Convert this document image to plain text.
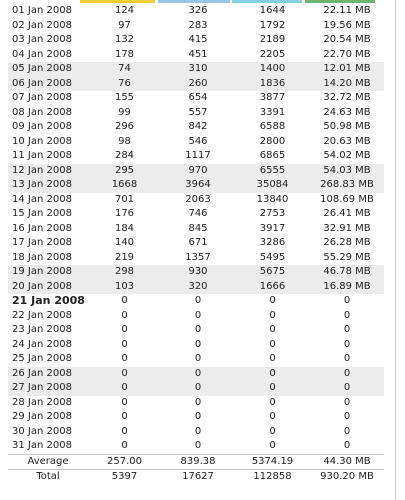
01 Jan 2008	124	326	1644	22.11 MB
02 Jan 2008	97	283	1792	19.56 MB
03 Jan 2008	132	415	2189	20.54 MB
04 Jan 2008	178	451	2205	22.70 MB
05 Jan 2008	74	310	1400	12.01 MB
06 Jan 2008	76	260	1836	14.20 MB
07 Jan 2008	155	654	3877	32.72 MB
08 Jan 2008	99	557	3391	24.63 MB
09 Jan 2008	296	842	6588	50.98 MB
10 Jan 2008	98	546	2800	20.63 MB
11 Jan 2008	284	1117	6865	54.02 MB
12 Jan 2008	295	970	6555	54.03 MB
13 Jan 2008	1668	3964	35084	268.83 MB
14 Jan 2008	701	2063	13840	108.69 MB
15 Jan 2008	176	746	2753	26.41 MB
16 Jan 2008	184	845	3917	32.91 MB
17 Jan 2008	140	671	3286	26.28 MB
18 Jan 2008	219	1357	5495	55.29 MB
19 Jan 2008	298	930	5675	46.78 MB
20 Jan 2008	103	320	1666	16.89 MB
21 Jan 2008	0	0	0	0
22 Jan 2008	0	0	0	0
23 Jan 2008	0	0	0	0
24 Jan 2008	0	0	0	0
25 Jan 2008	0	0	0	0
26 Jan 2008	0	0	0	0
27 Jan 2008	0	0	0	0
28 Jan 2008	0	0	0	0
29 Jan 2008	0	0	0	0
30 Jan 2008	0	0	0	0
31 Jan 2008	0	0	0	0
Average	257.00	839.38	5374.19	44.30 MB
Total	5397	17627	112858	930.20 MB
